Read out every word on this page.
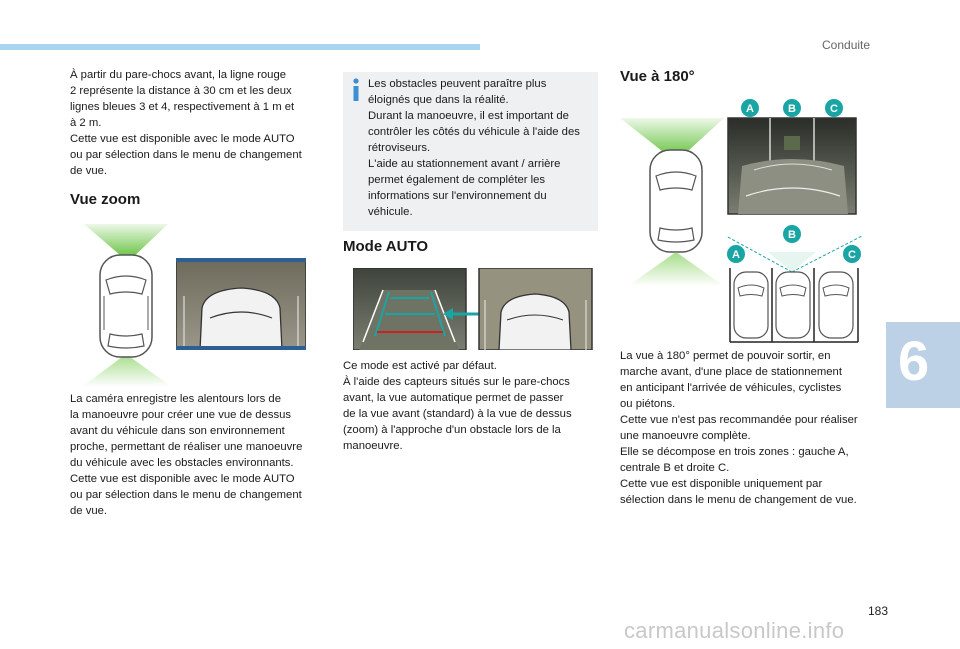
Conduite

À partir du pare-chocs avant, la ligne rouge

2 représente la distance à 30 cm et les deux

lignes bleues 3 et 4, respectivement à 1 m et

à 2 m.

Cette vue est disponible avec le mode AUTO

ou par sélection dans le menu de changement

de vue.

Vue zoom

La caméra enregistre les alentours lors de

la manoeuvre pour créer une vue de dessus

avant du véhicule dans son environnement

proche, permettant de réaliser une manoeuvre

du véhicule avec les obstacles environnants.

Cette vue est disponible avec le mode AUTO

ou par sélection dans le menu de changement

de vue.

Les obstacles peuvent paraître plus

éloignés que dans la réalité.

Durant la manoeuvre, il est important de

contrôler les côtés du véhicule à l'aide des

rétroviseurs.

L'aide au stationnement avant / arrière

permet également de compléter les

informations sur l'environnement du

véhicule.

Mode AUTO

Ce mode est activé par défaut.

À l'aide des capteurs situés sur le pare-chocs

avant, la vue automatique permet de passer

de la vue avant (standard) à la vue de dessus

(zoom) à l'approche d'un obstacle lors de la

manoeuvre.

Vue à 180°
A	B	C
B
A	C

La vue à 180° permet de pouvoir sortir, en

marche avant, d'une place de stationnement

en anticipant l'arrivée de véhicules, cyclistes

ou piétons.

Cette vue n'est pas recommandée pour réaliser

une manoeuvre complète.

Elle se décompose en trois zones : gauche A,

centrale B et droite C.

Cette vue est disponible uniquement par

sélection dans le menu de changement de vue.

6
183
carmanualsonline.info
